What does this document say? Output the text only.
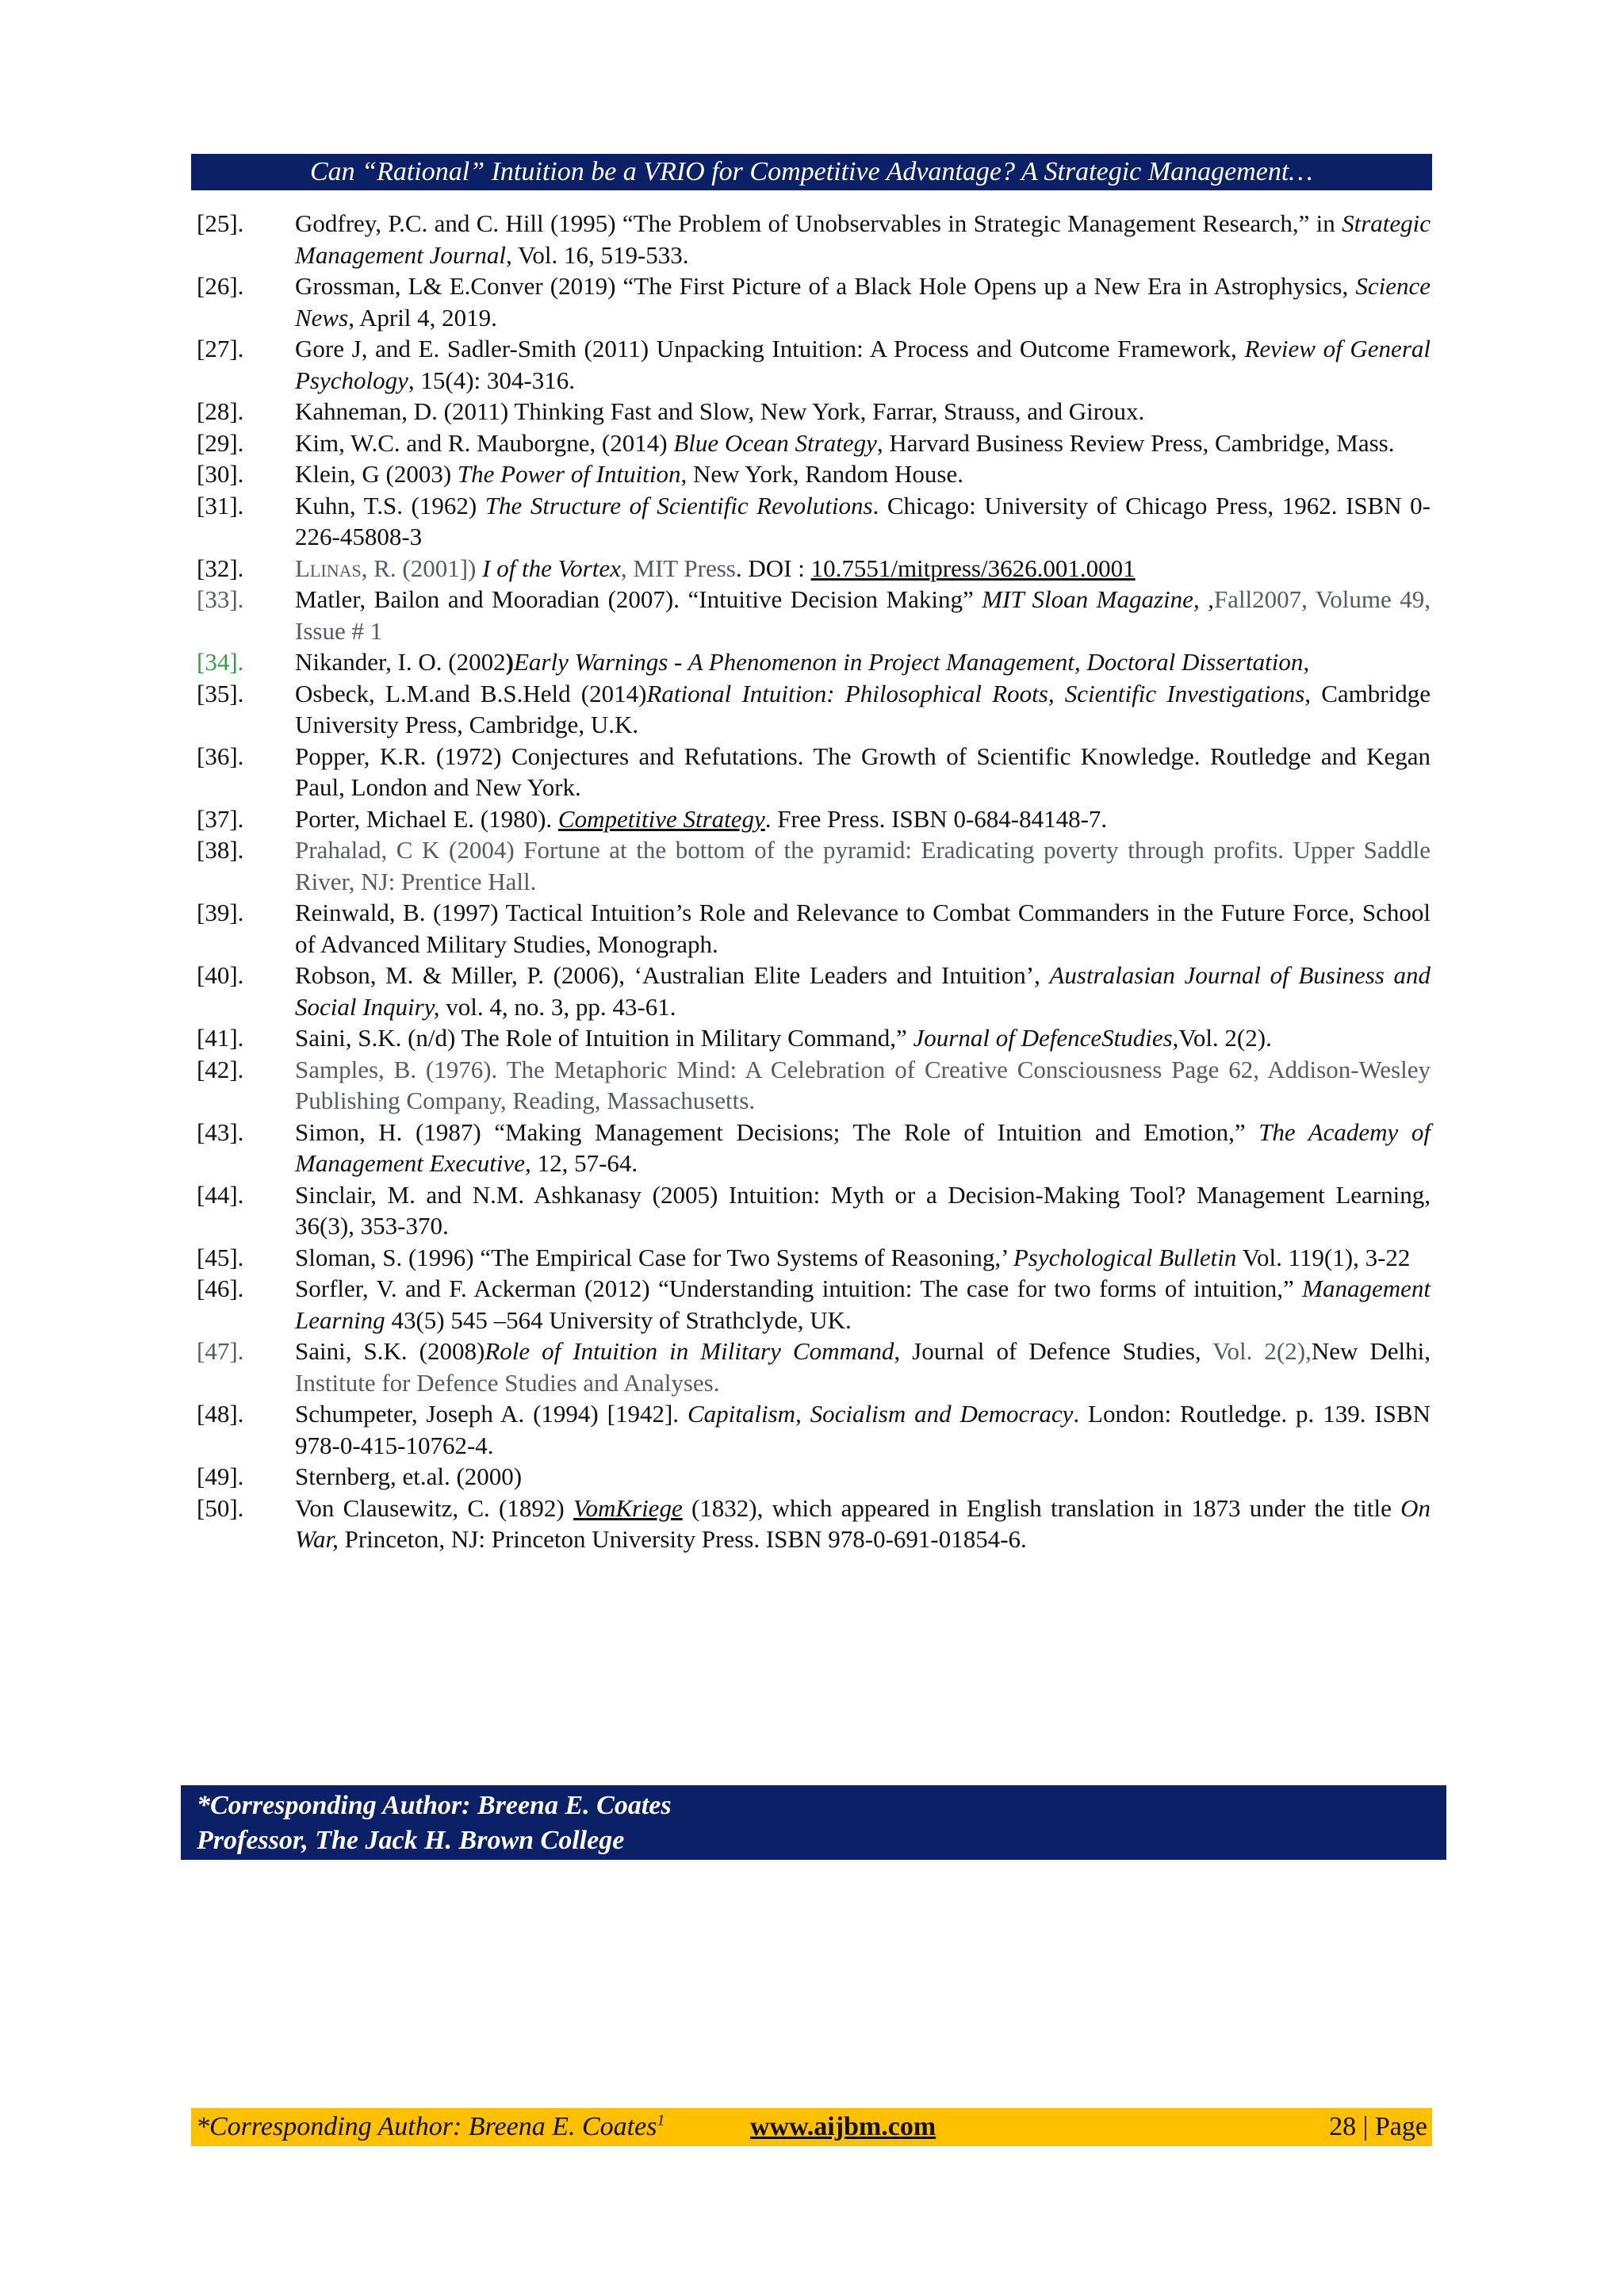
Can “Rational” Intuition be a VRIO for Competitive Advantage? A Strategic Management…
[25].	Godfrey, P.C. and C. Hill (1995) “The Problem of Unobservables in Strategic Management Research,” in Strategic Management Journal, Vol. 16, 519-533.
[26].	Grossman, L& E.Conver (2019) “The First Picture of a Black Hole Opens up a New Era in Astrophysics, Science News, April 4, 2019.
[27].	Gore J, and E. Sadler-Smith (2011) Unpacking Intuition: A Process and Outcome Framework, Review of General Psychology, 15(4): 304-316.
[28].	Kahneman, D. (2011) Thinking Fast and Slow, New York, Farrar, Strauss, and Giroux.
[29].	Kim, W.C. and R. Mauborgne, (2014) Blue Ocean Strategy, Harvard Business Review Press, Cambridge, Mass.
[30].	Klein, G (2003) The Power of Intuition, New York, Random House.
[31].	Kuhn, T.S. (1962) The Structure of Scientific Revolutions. Chicago: University of Chicago Press, 1962. ISBN 0-226-45808-3
[32].	Llinas, R. (2001]) I of the Vortex, MIT Press. DOI : 10.7551/mitpress/3626.001.0001
[33].	Matler, Bailon and Mooradian (2007). “Intuitive Decision Making” MIT Sloan Magazine, ,Fall2007, Volume 49, Issue # 1
[34].	Nikander, I. O. (2002)Early Warnings - A Phenomenon in Project Management, Doctoral Dissertation,
[35].	Osbeck, L.M.and B.S.Held (2014)Rational Intuition: Philosophical Roots, Scientific Investigations, Cambridge University Press, Cambridge, U.K.
[36].	Popper, K.R. (1972) Conjectures and Refutations. The Growth of Scientific Knowledge. Routledge and Kegan Paul, London and New York.
[37].	Porter, Michael E. (1980). Competitive Strategy. Free Press. ISBN 0-684-84148-7.
[38].	Prahalad, C K (2004) Fortune at the bottom of the pyramid: Eradicating poverty through profits. Upper Saddle River, NJ: Prentice Hall.
[39].	Reinwald, B. (1997) Tactical Intuition’s Role and Relevance to Combat Commanders in the Future Force, School of Advanced Military Studies, Monograph.
[40].	Robson, M. & Miller, P. (2006), ‘Australian Elite Leaders and Intuition’, Australasian Journal of Business and Social Inquiry, vol. 4, no. 3, pp. 43-61.
[41].	Saini, S.K. (n/d) The Role of Intuition in Military Command,” Journal of DefenceStudies,Vol. 2(2).
[42].	Samples, B. (1976). The Metaphoric Mind: A Celebration of Creative Consciousness Page 62, Addison-Wesley Publishing Company, Reading, Massachusetts.
[43].	Simon, H. (1987) “Making Management Decisions; The Role of Intuition and Emotion,” The Academy of Management Executive, 12, 57-64.
[44].	Sinclair, M. and N.M. Ashkanasy (2005) Intuition: Myth or a Decision-Making Tool? Management Learning, 36(3), 353-370.
[45].	Sloman, S. (1996) “The Empirical Case for Two Systems of Reasoning,’ Psychological Bulletin Vol. 119(1), 3-22
[46].	Sorfler, V. and F. Ackerman (2012) “Understanding intuition: The case for two forms of intuition,” Management Learning 43(5) 545 –564 University of Strathclyde, UK.
[47].	Saini, S.K. (2008)Role of Intuition in Military Command, Journal of Defence Studies, Vol. 2(2),New Delhi, Institute for Defence Studies and Analyses.
[48].	Schumpeter, Joseph A. (1994) [1942]. Capitalism, Socialism and Democracy. London: Routledge. p. 139. ISBN 978-0-415-10762-4.
[49].	Sternberg, et.al. (2000)
[50].	Von Clausewitz, C. (1892) VomKriege (1832), which appeared in English translation in 1873 under the title On War, Princeton, NJ: Princeton University Press. ISBN 978-0-691-01854-6.
*Corresponding Author: Breena E. Coates
Professor, The Jack H. Brown College
*Corresponding Author: Breena E. Coates$^1$	www.aijbm.com	28 | Page
